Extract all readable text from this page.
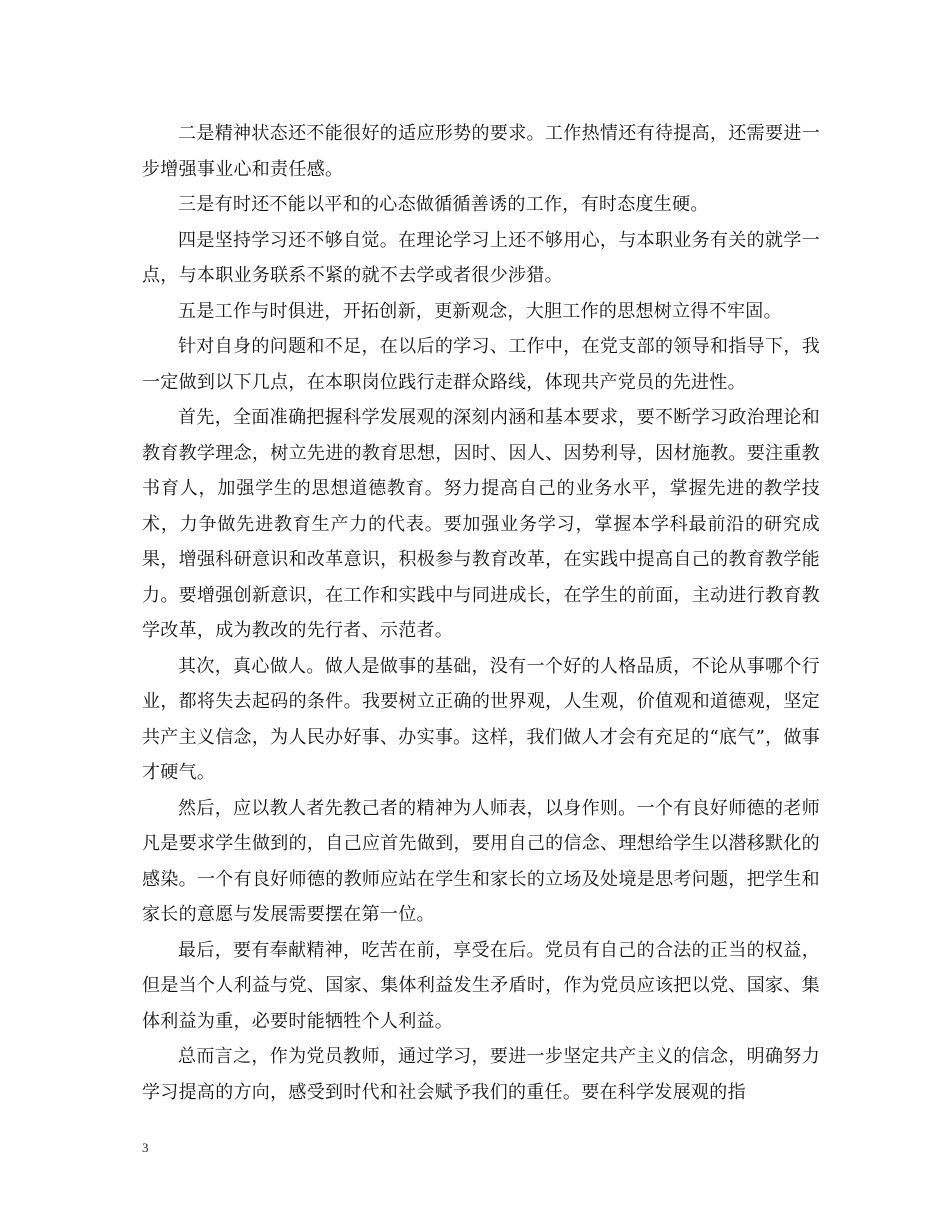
二是精神状态还不能很好的适应形势的要求。工作热情还有待提高，还需要进一步增强事业心和责任感。

三是有时还不能以平和的心态做循循善诱的工作，有时态度生硬。

四是坚持学习还不够自觉。在理论学习上还不够用心，与本职业务有关的就学一点，与本职业务联系不紧的就不去学或者很少涉猎。

五是工作与时俱进，开拓创新，更新观念，大胆工作的思想树立得不牢固。

针对自身的问题和不足，在以后的学习、工作中，在党支部的领导和指导下，我一定做到以下几点，在本职岗位践行走群众路线，体现共产党员的先进性。

首先，全面准确把握科学发展观的深刻内涵和基本要求，要不断学习政治理论和教育教学理念，树立先进的教育思想，因时、因人、因势利导，因材施教。要注重教书育人，加强学生的思想道德教育。努力提高自己的业务水平，掌握先进的教学技术，力争做先进教育生产力的代表。要加强业务学习，掌握本学科最前沿的研究成果，增强科研意识和改革意识，积极参与教育改革，在实践中提高自己的教育教学能力。要增强创新意识，在工作和实践中与同进成长，在学生的前面，主动进行教育教学改革，成为教改的先行者、示范者。

其次，真心做人。做人是做事的基础，没有一个好的人格品质，不论从事哪个行业，都将失去起码的条件。我要树立正确的世界观，人生观，价值观和道德观，坚定共产主义信念，为人民办好事、办实事。这样，我们做人才会有充足的“底气”，做事才硬气。

然后，应以教人者先教己者的精神为人师表，以身作则。一个有良好师德的老师凡是要求学生做到的，自己应首先做到，要用自己的信念、理想给学生以潜移默化的感染。一个有良好师德的教师应站在学生和家长的立场及处境是思考问题，把学生和家长的意愿与发展需要摆在第一位。

最后，要有奉献精神，吃苦在前，享受在后。党员有自己的合法的正当的权益，但是当个人利益与党、国家、集体利益发生矛盾时，作为党员应该把以党、国家、集体利益为重，必要时能牺牲个人利益。

总而言之，作为党员教师，通过学习，要进一步坚定共产主义的信念，明确努力学习提高的方向，感受到时代和社会赋予我们的重任。要在科学发展观的指

3
